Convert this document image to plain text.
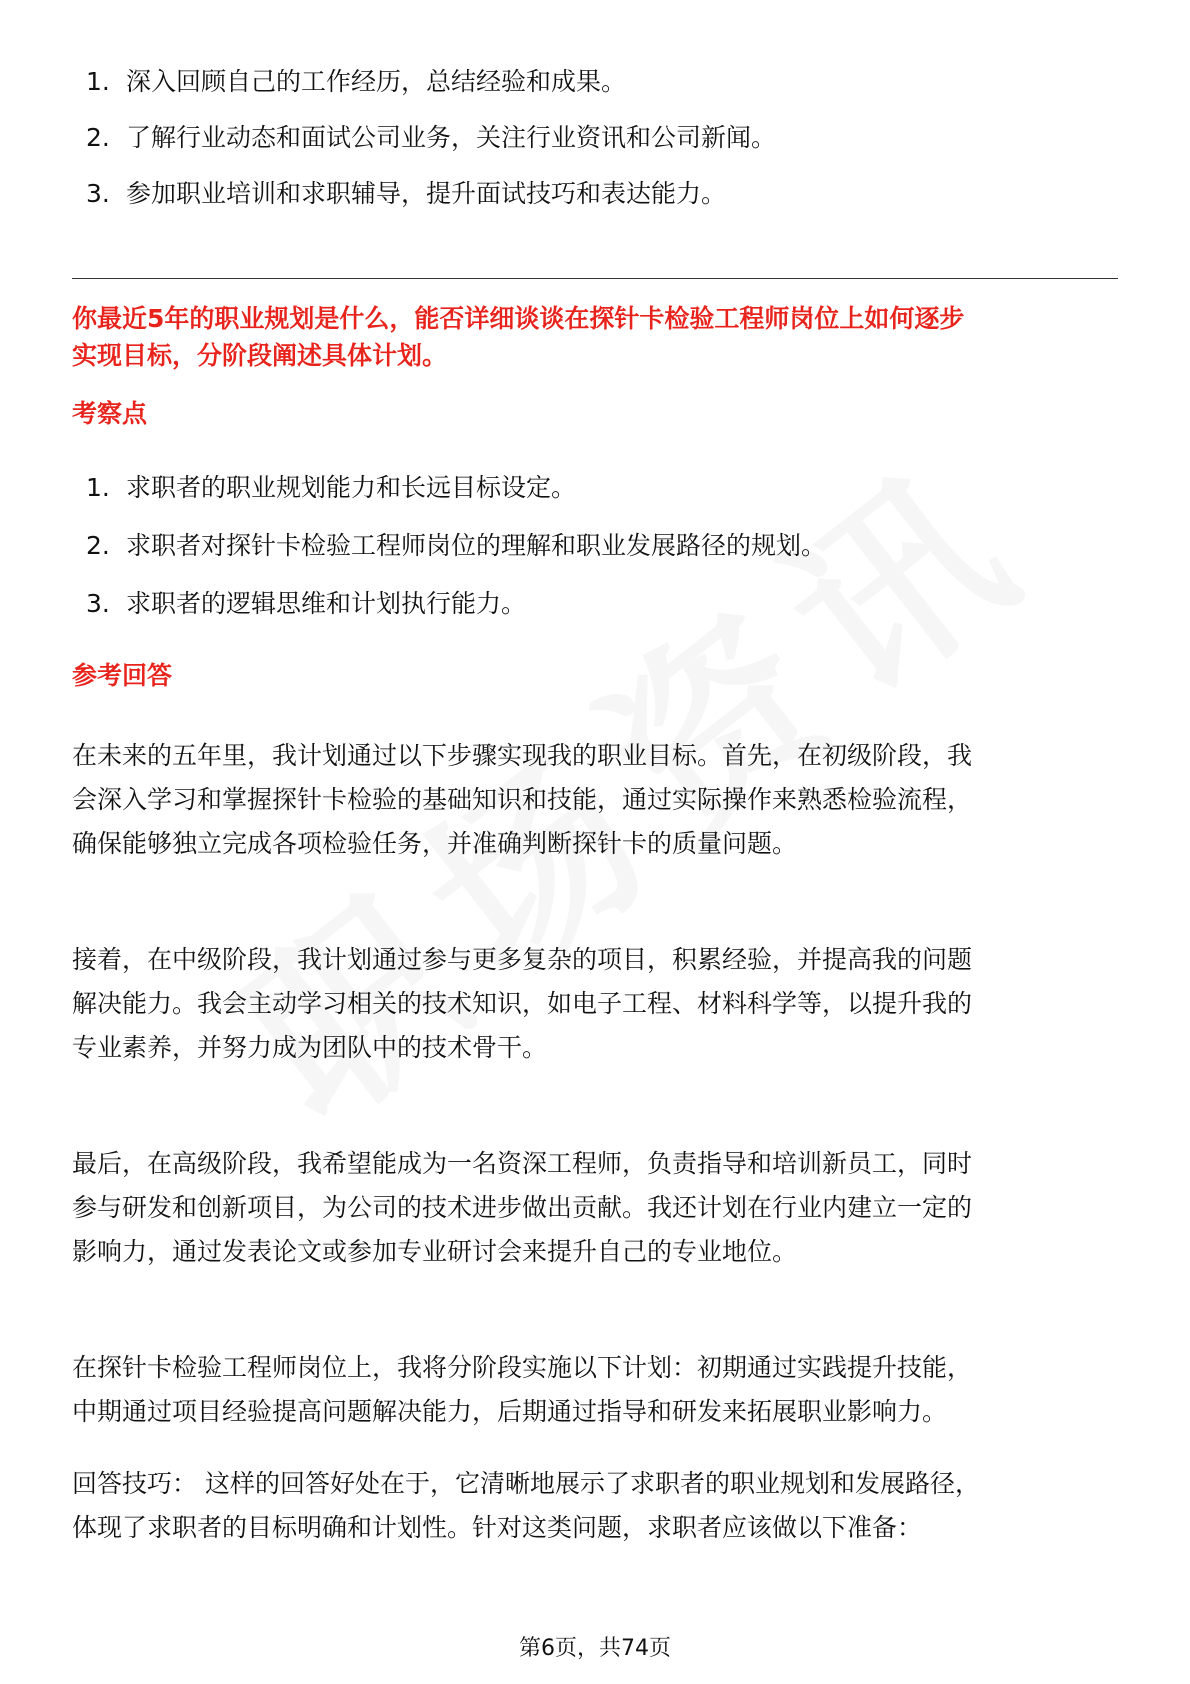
1. 深入回顾自己的工作经历，总结经验和成果。
2. 了解行业动态和面试公司业务，关注行业资讯和公司新闻。
3. 参加职业培训和求职辅导，提升面试技巧和表达能力。
你最近5年的职业规划是什么，能否详细谈谈在探针卡检验工程师岗位上如何逐步
实现目标，分阶段阐述具体计划。
考察点
1. 求职者的职业规划能力和长远目标设定。
2. 求职者对探针卡检验工程师岗位的理解和职业发展路径的规划。
3. 求职者的逻辑思维和计划执行能力。
参考回答

在未来的五年里，我计划通过以下步骤实现我的职业目标。首先，在初级阶段，我
会深入学习和掌握探针卡检验的基础知识和技能，通过实际操作来熟悉检验流程，
确保能够独立完成各项检验任务，并准确判断探针卡的质量问题。

接着，在中级阶段，我计划通过参与更多复杂的项目，积累经验，并提高我的问题
解决能力。我会主动学习相关的技术知识，如电子工程、材料科学等，以提升我的
专业素养，并努力成为团队中的技术骨干。

最后，在高级阶段，我希望能成为一名资深工程师，负责指导和培训新员工，同时
参与研发和创新项目，为公司的技术进步做出贡献。我还计划在行业内建立一定的
影响力，通过发表论文或参加专业研讨会来提升自己的专业地位。

在探针卡检验工程师岗位上，我将分阶段实施以下计划：初期通过实践提升技能，
中期通过项目经验提高问题解决能力，后期通过指导和研发来拓展职业影响力。

回答技巧： 这样的回答好处在于，它清晰地展示了求职者的职业规划和发展路径，
体现了求职者的目标明确和计划性。针对这类问题，求职者应该做以下准备：

第6页，共74页
